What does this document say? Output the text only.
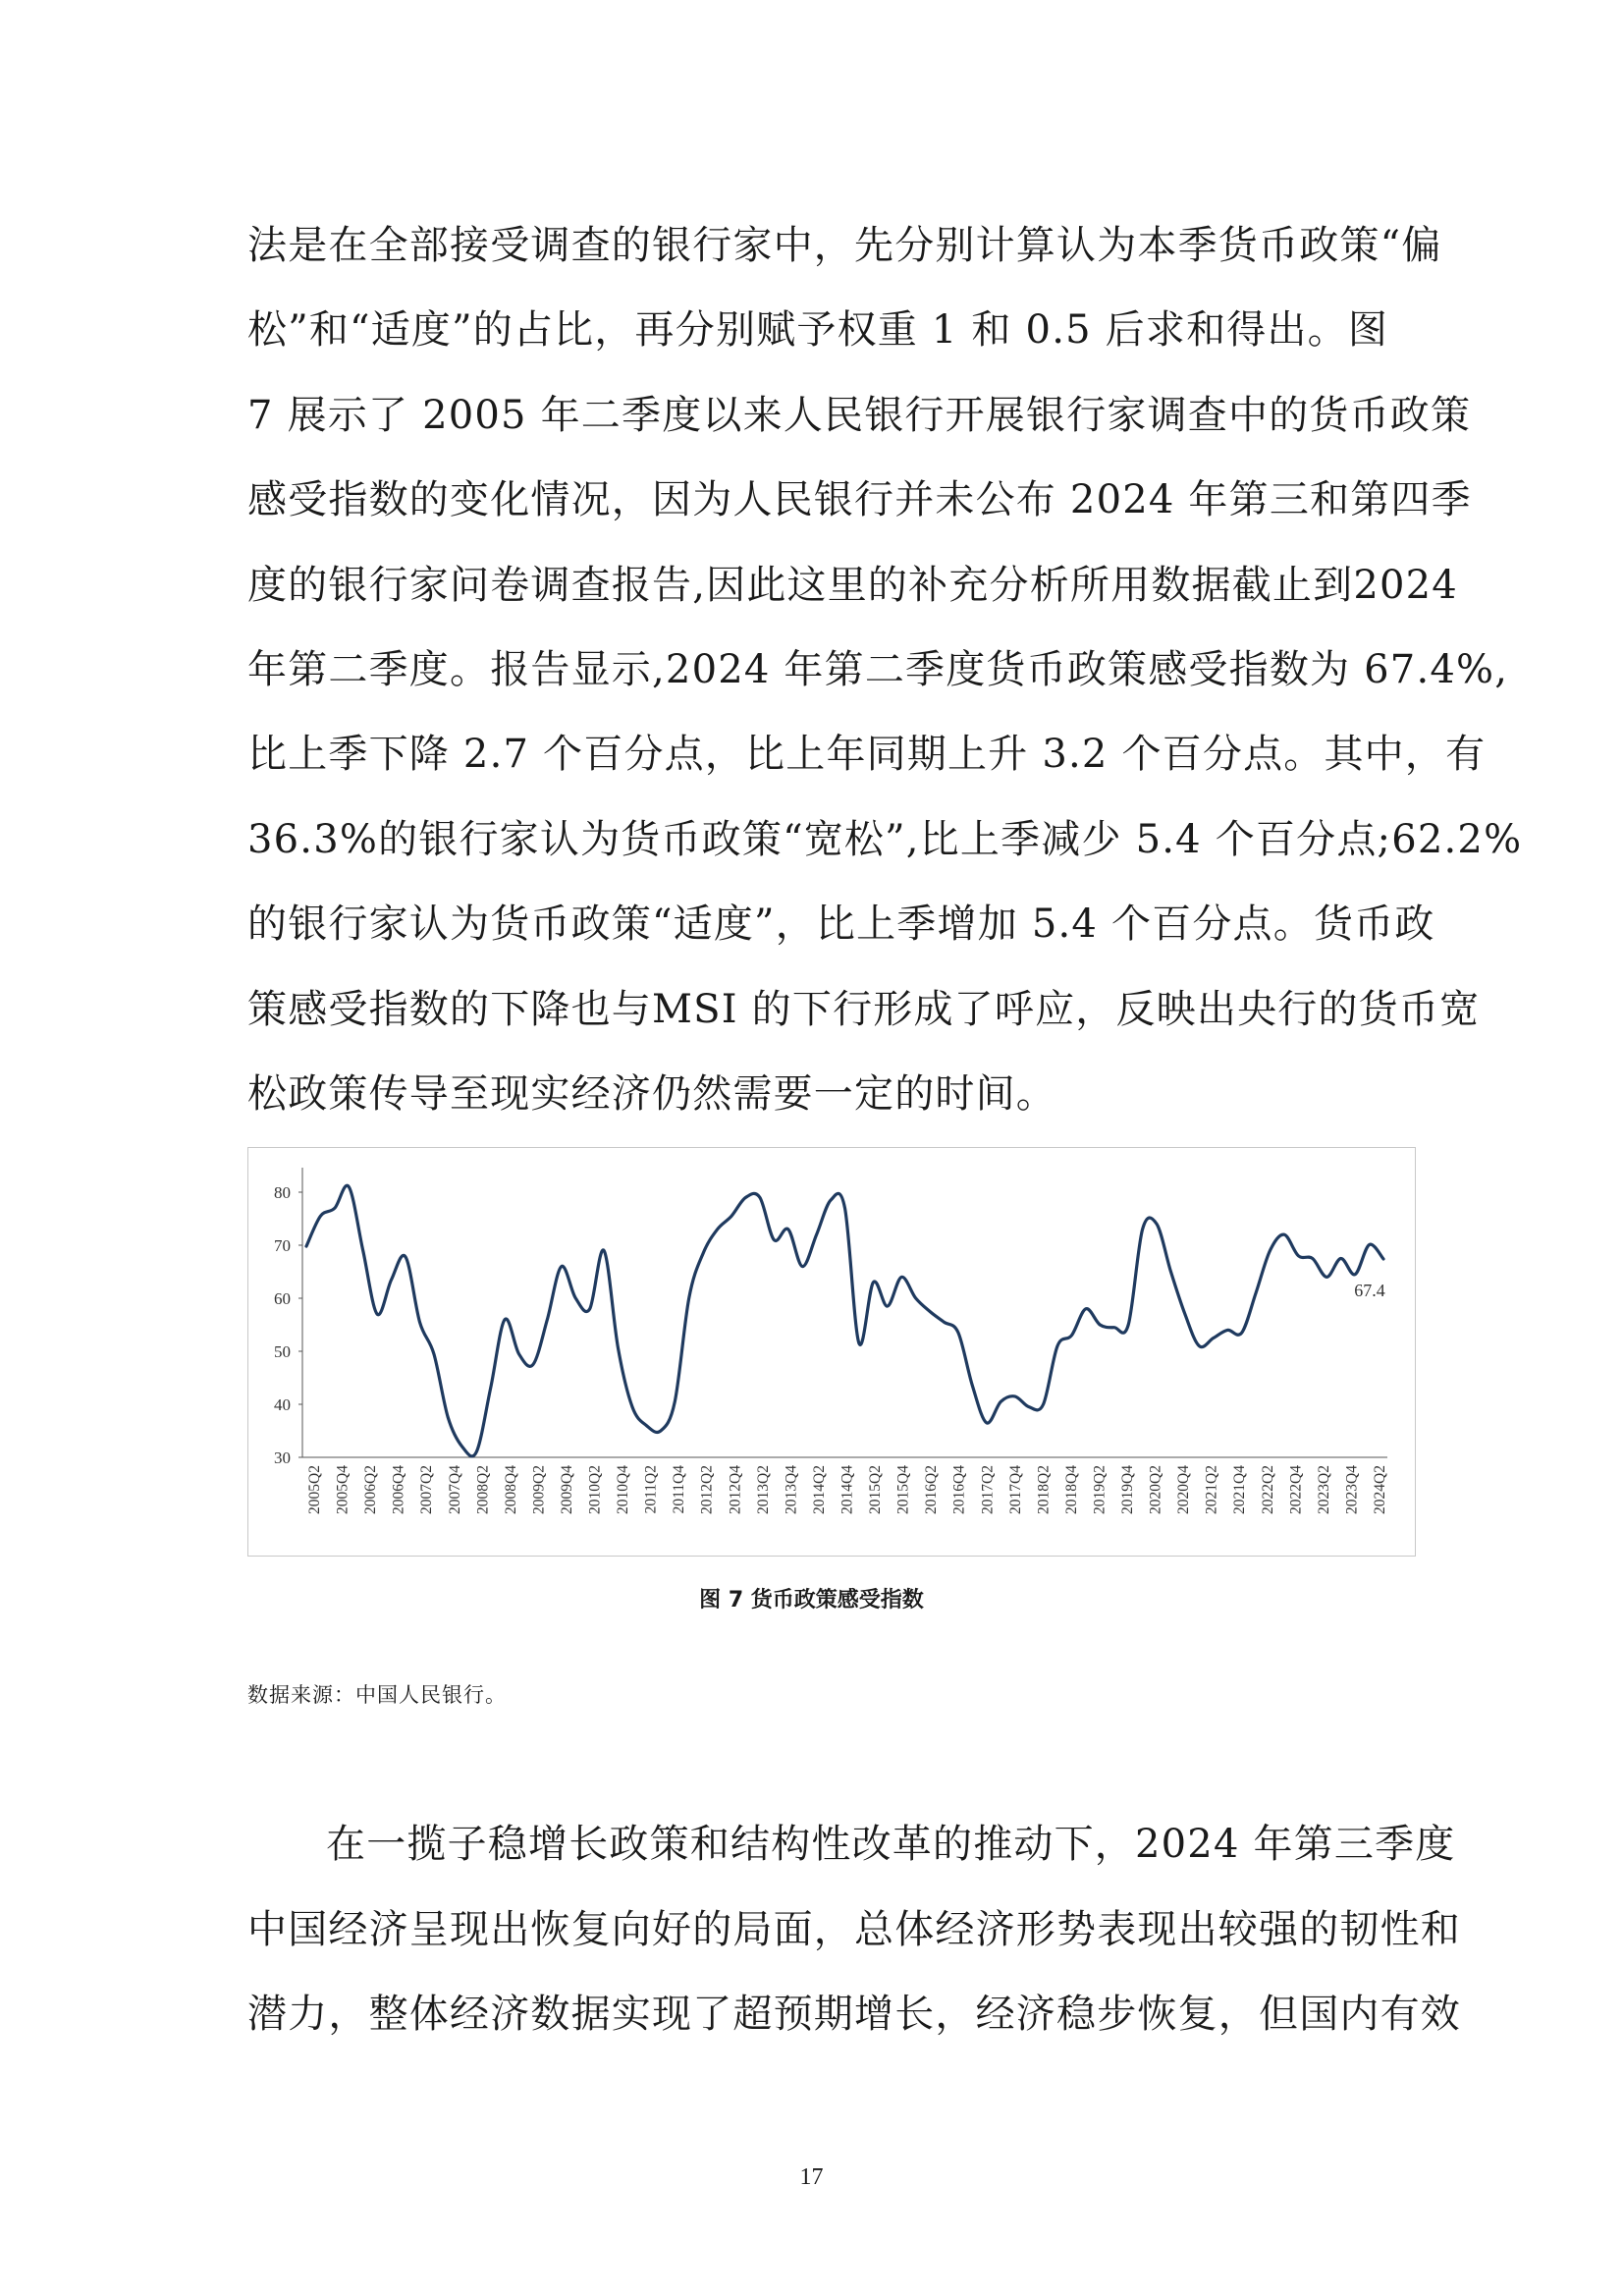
法是在全部接受调查的银行家中，先分别计算认为本季货币政策“偏
松”和“适度”的占比，再分别赋予权重 1 和 0.5 后求和得出。图
7 展示了 2005 年二季度以来人民银行开展银行家调查中的货币政策
感受指数的变化情况，因为人民银行并未公布 2024 年第三和第四季
度的银行家问卷调查报告,因此这里的补充分析所用数据截止到2024
年第二季度。报告显示,2024 年第二季度货币政策感受指数为 67.4%,
比上季下降 2.7 个百分点，比上年同期上升 3.2 个百分点。其中，有
36.3%的银行家认为货币政策“宽松”,比上季减少 5.4 个百分点;62.2%
的银行家认为货币政策“适度”，比上季增加 5.4 个百分点。货币政
策感受指数的下降也与MSI 的下行形成了呼应，反映出央行的货币宽
松政策传导至现实经济仍然需要一定的时间。
80
70
60
50
40
30
2005Q2 2005Q4 2006Q2 2006Q4 2007Q2 2007Q4 2008Q2 2008Q4 2009Q2 2009Q4 2010Q2 2010Q4 2011Q2 2011Q4 2012Q2 2012Q4 2013Q2 2013Q4 2014Q2 2014Q4 2015Q2 2015Q4 2016Q2 2016Q4 2017Q2 2017Q4 2018Q2 2018Q4 2019Q2 2019Q4 2020Q2 2020Q4 2021Q2 2021Q4 2022Q2 2022Q4 2023Q2 2023Q4 2024Q2
67.4
图 7 货币政策感受指数
数据来源：中国人民银行。
在一揽子稳增长政策和结构性改革的推动下，2024 年第三季度
中国经济呈现出恢复向好的局面，总体经济形势表现出较强的韧性和
潜力，整体经济数据实现了超预期增长，经济稳步恢复，但国内有效
17
